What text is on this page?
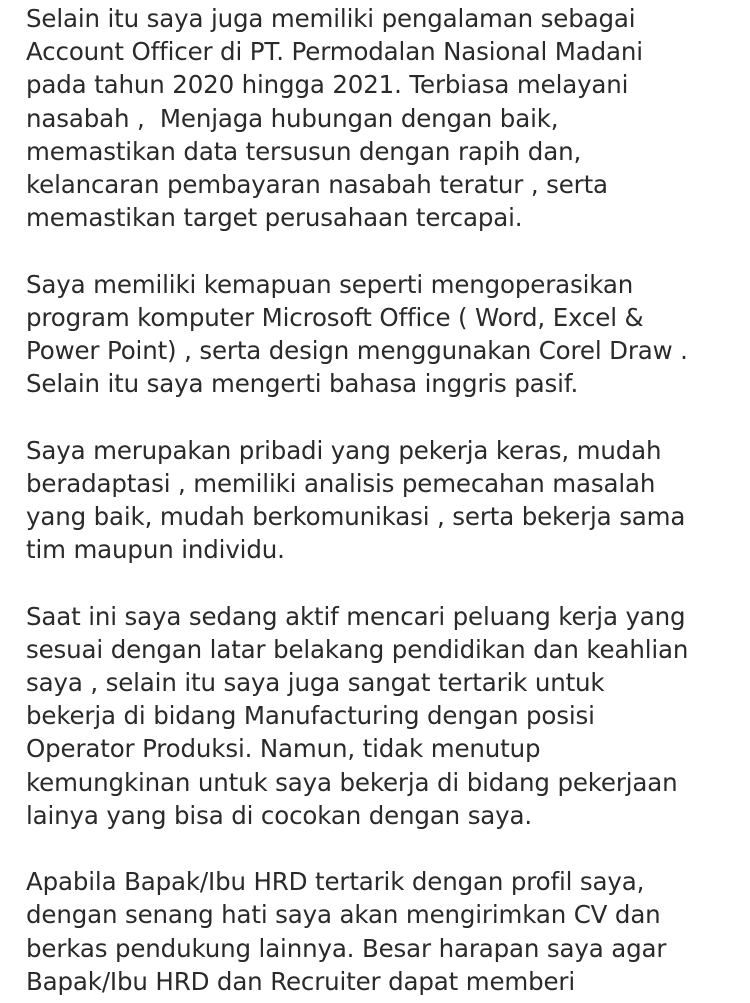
Selain itu saya juga memiliki pengalaman sebagai
Account Officer di PT. Permodalan Nasional Madani
pada tahun 2020 hingga 2021. Terbiasa melayani
nasabah ,  Menjaga hubungan dengan baik,
memastikan data tersusun dengan rapih dan,
kelancaran pembayaran nasabah teratur , serta
memastikan target perusahaan tercapai.

Saya memiliki kemapuan seperti mengoperasikan
program komputer Microsoft Office ( Word, Excel &
Power Point) , serta design menggunakan Corel Draw .
Selain itu saya mengerti bahasa inggris pasif.

Saya merupakan pribadi yang pekerja keras, mudah
beradaptasi , memiliki analisis pemecahan masalah
yang baik, mudah berkomunikasi , serta bekerja sama
tim maupun individu.

Saat ini saya sedang aktif mencari peluang kerja yang
sesuai dengan latar belakang pendidikan dan keahlian
saya , selain itu saya juga sangat tertarik untuk
bekerja di bidang Manufacturing dengan posisi
Operator Produksi. Namun, tidak menutup
kemungkinan untuk saya bekerja di bidang pekerjaan
lainya yang bisa di cocokan dengan saya.

Apabila Bapak/Ibu HRD tertarik dengan profil saya,
dengan senang hati saya akan mengirimkan CV dan
berkas pendukung lainnya. Besar harapan saya agar
Bapak/Ibu HRD dan Recruiter dapat memberi
